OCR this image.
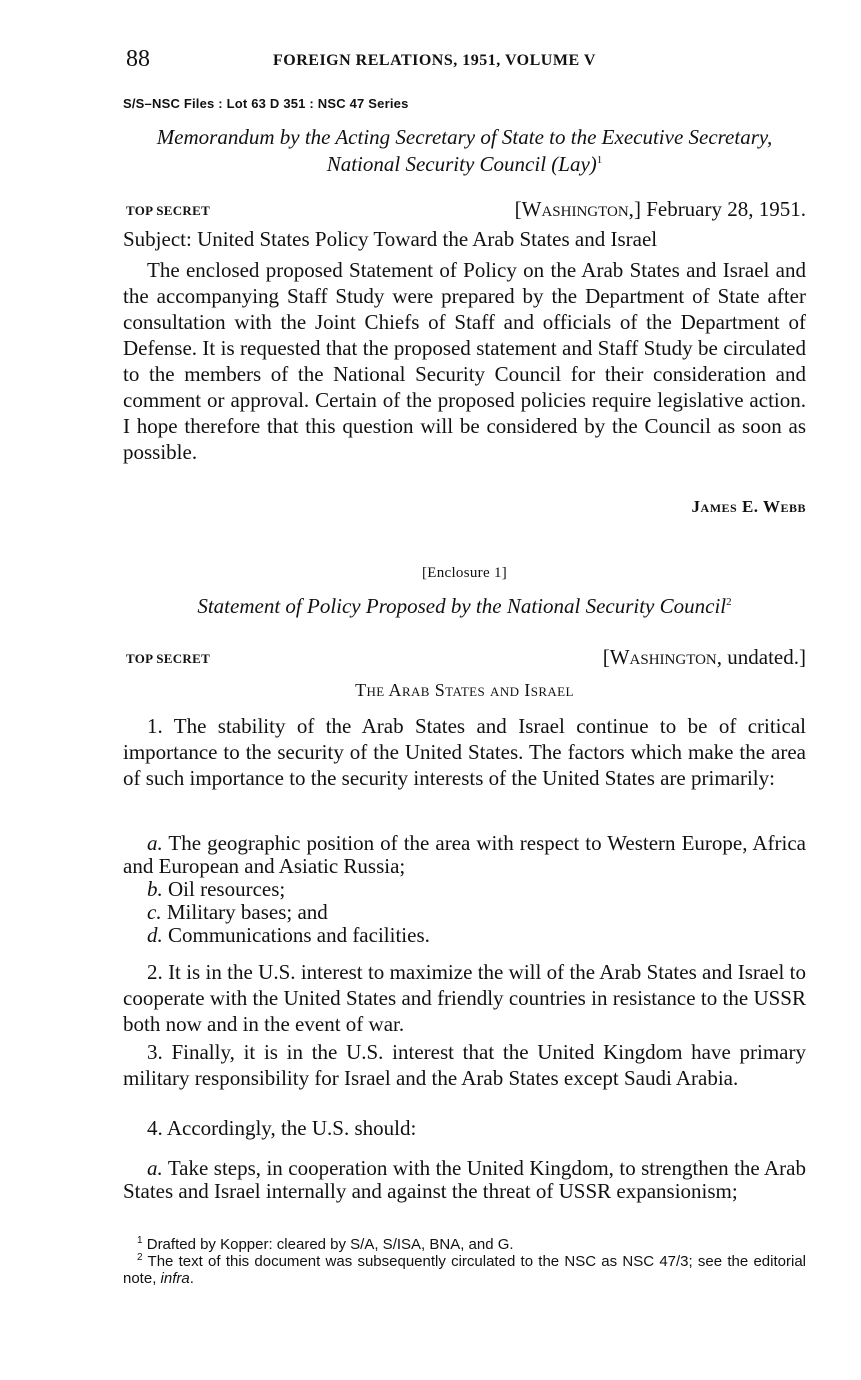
88	FOREIGN RELATIONS, 1951, VOLUME V
S/S–NSC Files : Lot 63 D 351 : NSC 47 Series
Memorandum by the Acting Secretary of State to the Executive Secretary, National Security Council (Lay)$^1$
TOP SECRET	[Washington,] February 28, 1951.
Subject: United States Policy Toward the Arab States and Israel
The enclosed proposed Statement of Policy on the Arab States and Israel and the accompanying Staff Study were prepared by the Department of State after consultation with the Joint Chiefs of Staff and officials of the Department of Defense. It is requested that the proposed statement and Staff Study be circulated to the members of the National Security Council for their consideration and comment or approval. Certain of the proposed policies require legislative action. I hope therefore that this question will be considered by the Council as soon as possible.
James E. Webb
[Enclosure 1]
Statement of Policy Proposed by the National Security Council$^2$
TOP SECRET	[Washington, undated.]
The Arab States and Israel
1. The stability of the Arab States and Israel continue to be of critical importance to the security of the United States. The factors which make the area of such importance to the security interests of the United States are primarily:
a. The geographic position of the area with respect to Western Europe, Africa and European and Asiatic Russia;
b. Oil resources;
c. Military bases; and
d. Communications and facilities.
2. It is in the U.S. interest to maximize the will of the Arab States and Israel to cooperate with the United States and friendly countries in resistance to the USSR both now and in the event of war.
3. Finally, it is in the U.S. interest that the United Kingdom have primary military responsibility for Israel and the Arab States except Saudi Arabia.
4. Accordingly, the U.S. should:
a. Take steps, in cooperation with the United Kingdom, to strengthen the Arab States and Israel internally and against the threat of USSR expansionism;
$^1$ Drafted by Kopper: cleared by S/A, S/ISA, BNA, and G.
$^2$ The text of this document was subsequently circulated to the NSC as NSC 47/3; see the editorial note, infra.
